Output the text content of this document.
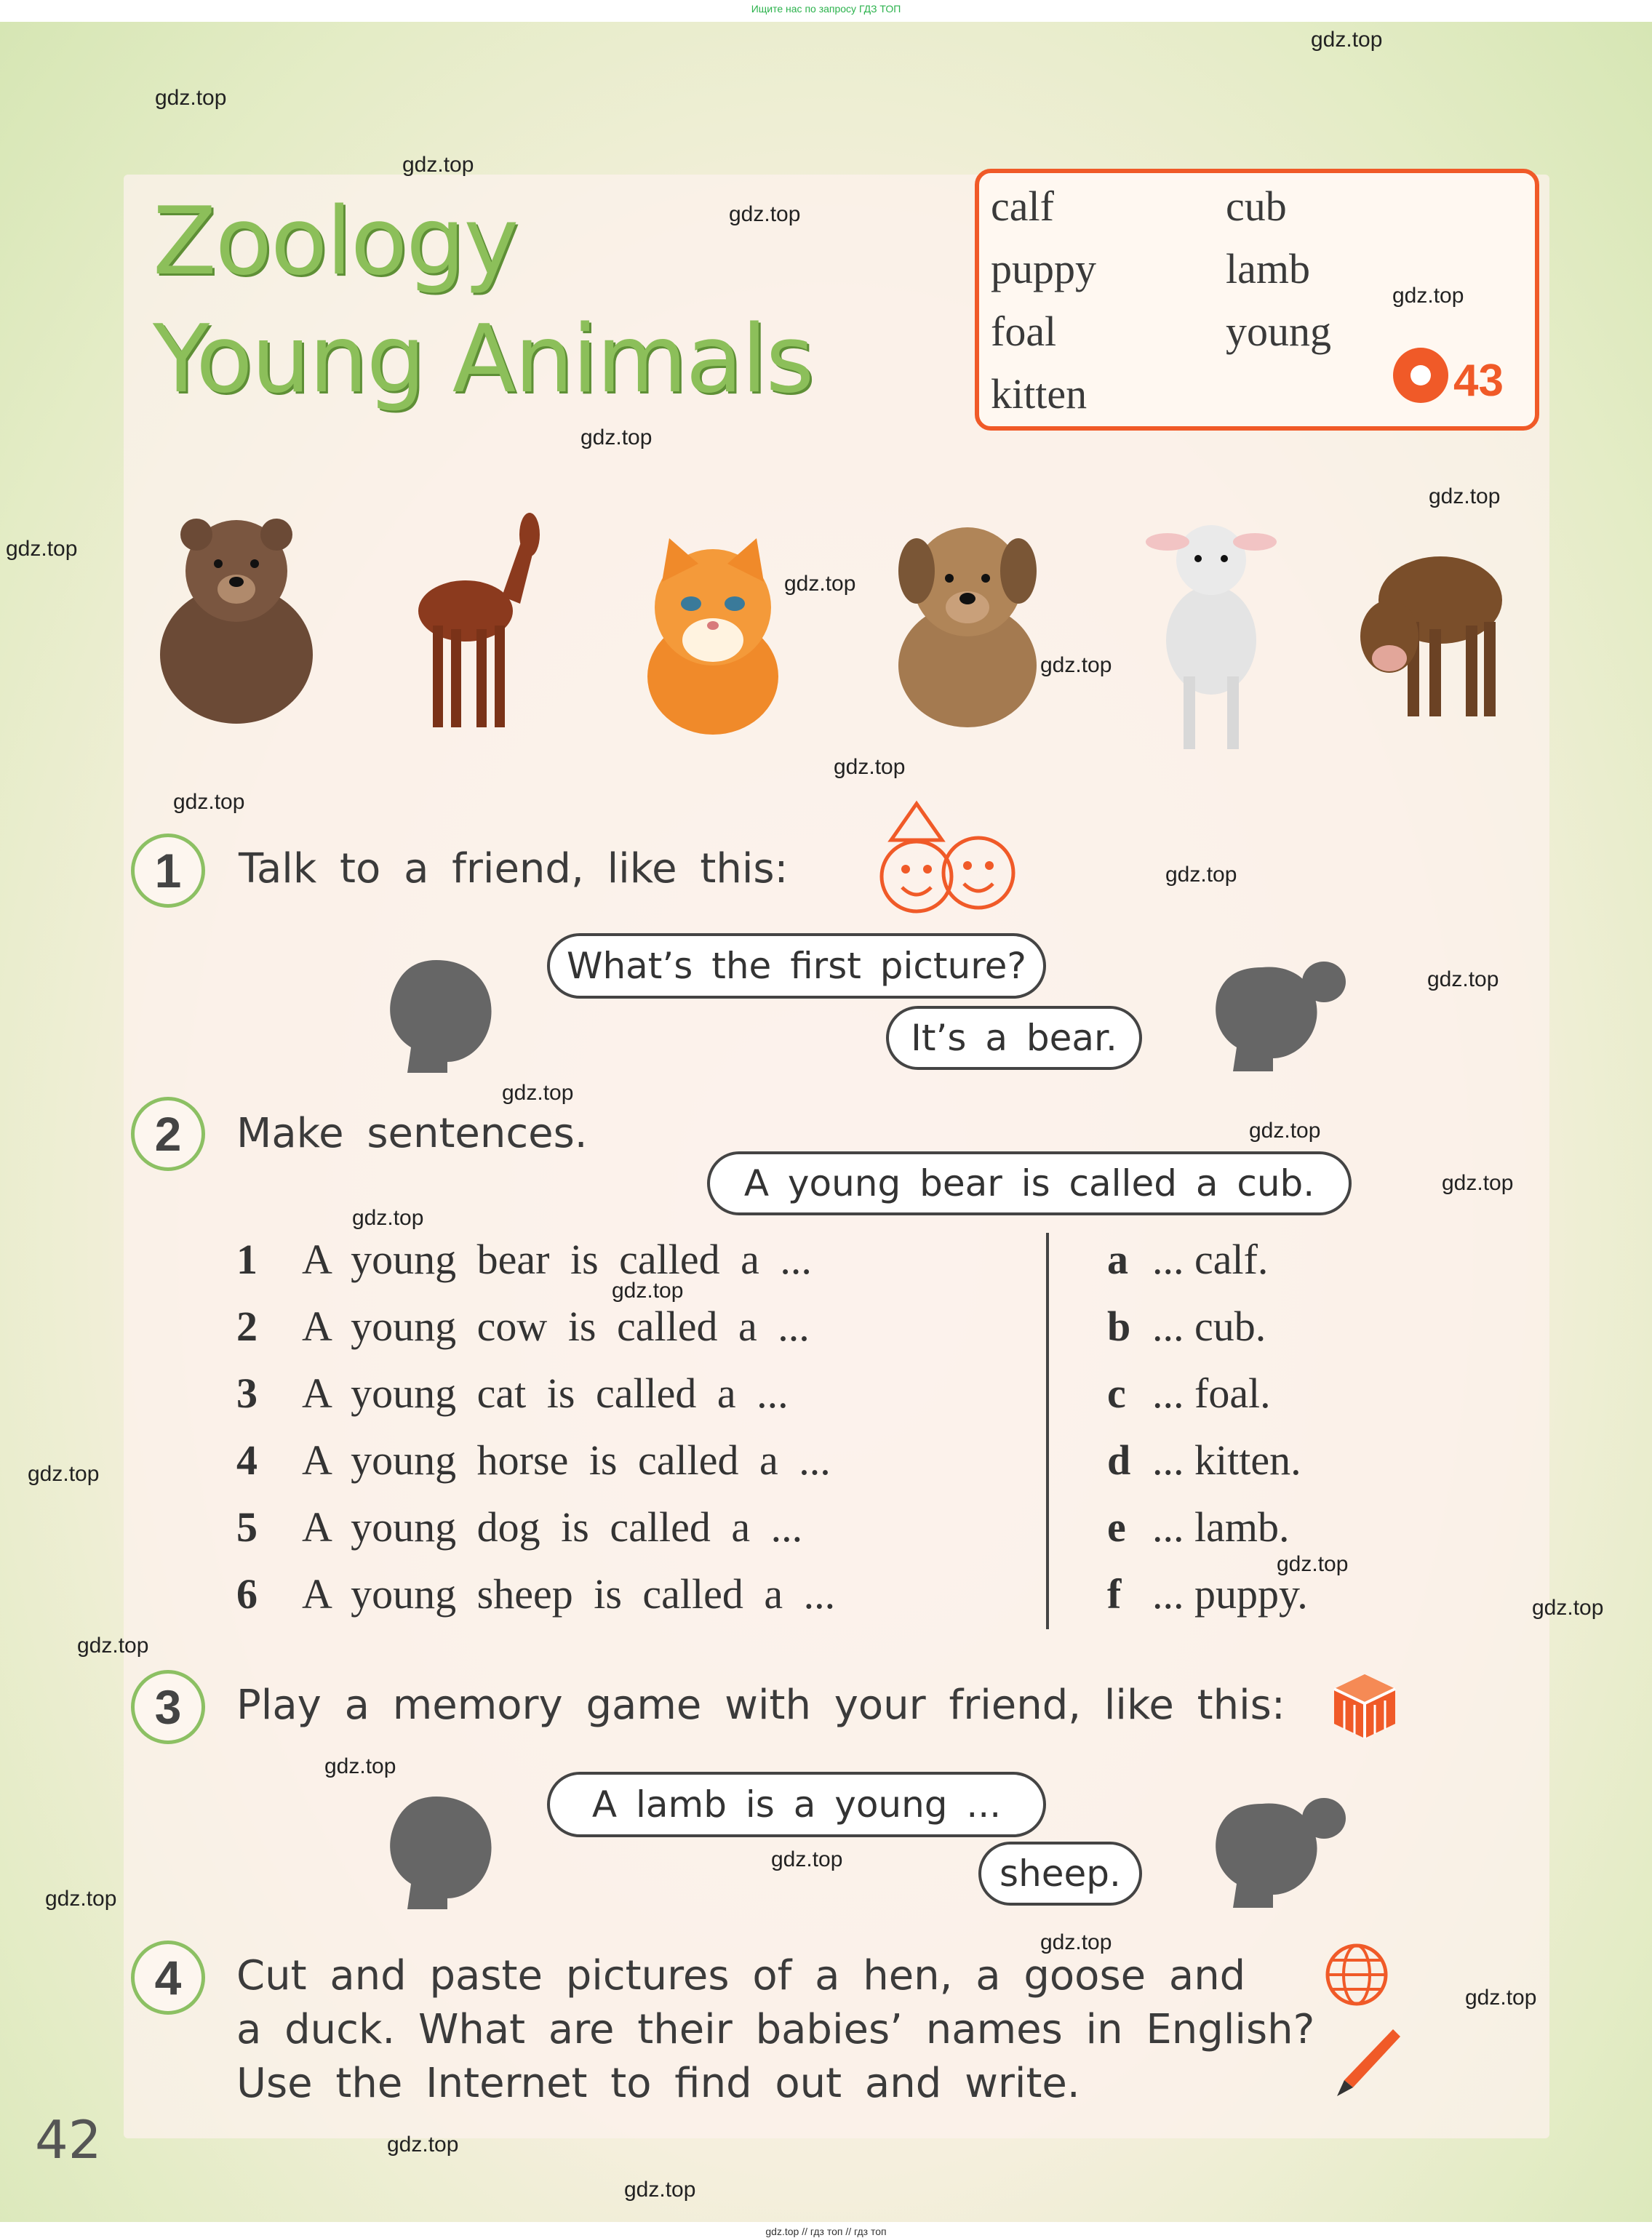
Ищите нас по запросу ГДЗ ТОП
Zoology
Young Animals
calf
puppy
foal
kitten
cub
lamb
young
43
1	Talk to a friend, like this:
What’s the first picture?
It’s a bear.
2	Make sentences.
A young bear is called a cub.
1 A young bear is called a ...
2 A young cow is called a ...
3 A young cat is called a ...
4 A young horse is called a ...
5 A young dog is called a ...
6 A young sheep is called a ...
a ... calf.
b ... cub.
c ... foal.
d ... kitten.
e ... lamb.
f ... puppy.
3	Play a memory game with your friend, like this:
A lamb is a young ...
sheep.
4	Cut and paste pictures of a hen, a goose and
a duck. What are their babies’ names in English?
Use the Internet to find out and write.
42
gdz.top
gdz.top
gdz.top
gdz.top
gdz.top
gdz.top
gdz.top
gdz.top
gdz.top
gdz.top
gdz.top
gdz.top
gdz.top
gdz.top
gdz.top
gdz.top
gdz.top
gdz.top
gdz.top
gdz.top
gdz.top
gdz.top
gdz.top
gdz.top
gdz.top
gdz.top
gdz.top
gdz.top
gdz.top
gdz.top
gdz.top // гдз топ // гдз топ
